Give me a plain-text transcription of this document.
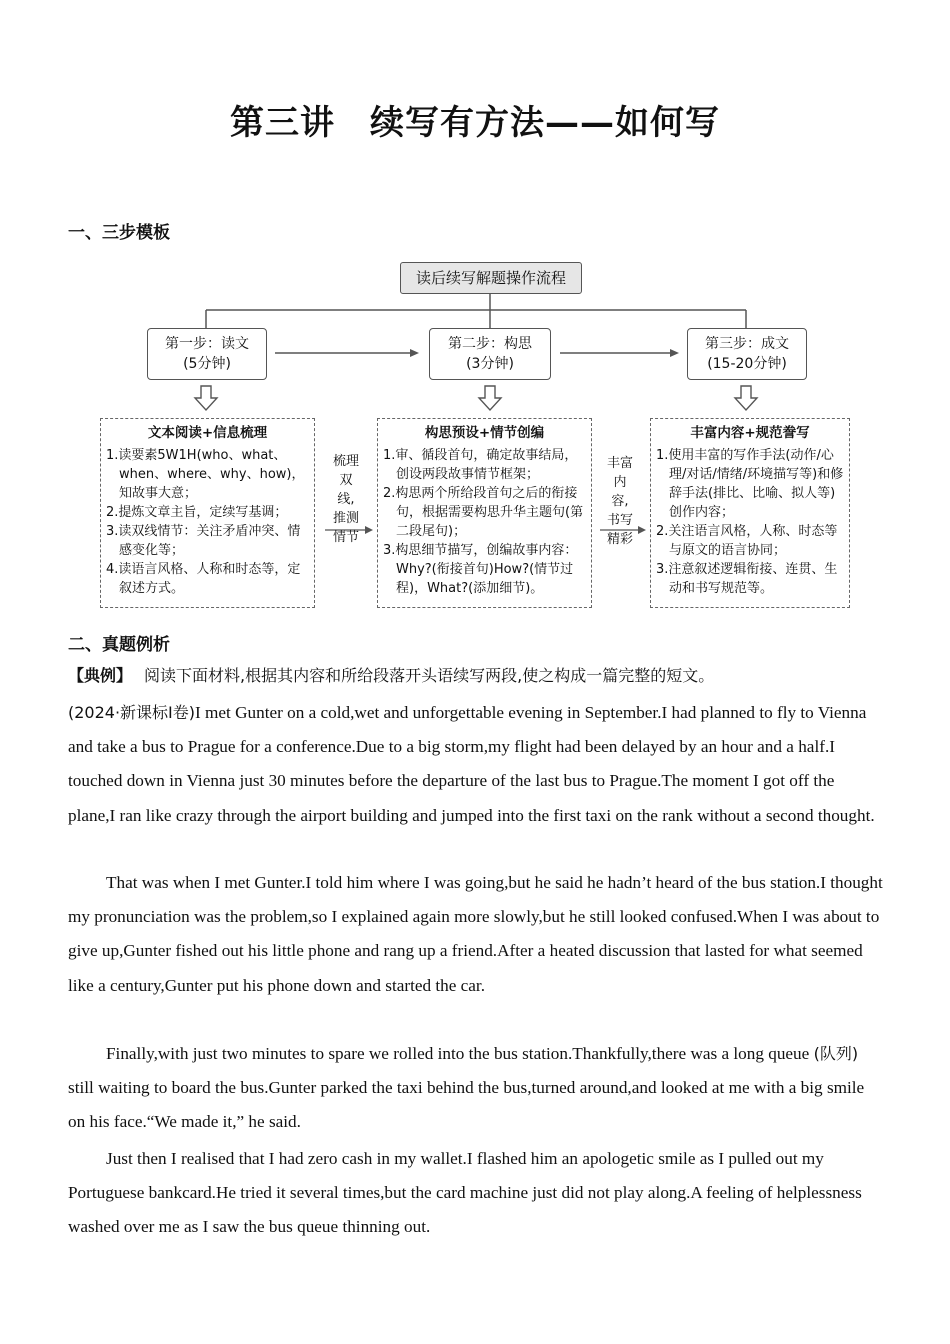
第三讲　续写有方法——如何写
一、三步模板
读后续写解题操作流程
第一步：读文
(5分钟)
第二步：构思
(3分钟)
第三步：成文
(15-20分钟)
文本阅读+信息梳理
1.读要素5W1H(who、what、when、where、why、how)，知故事大意；
2.提炼文章主旨，定续写基调；
3.读双线情节：关注矛盾冲突、情感变化等；
4.读语言风格、人称和时态等，定叙述方式。
构思预设+情节创编
1.审、循段首句，确定故事结局，创设两段故事情节框架；
2.构思两个所给段首句之后的衔接句，根据需要构思升华主题句(第二段尾句)；
3.构思细节描写，创编故事内容：Why?(衔接首句)How?(情节过程)，What?(添加细节)。
丰富内容+规范誊写
1.使用丰富的写作手法(动作/心理/对话/情绪/环境描写等)和修辞手法(排比、比喻、拟人等)创作内容；
2.关注语言风格，人称、时态等与原文的语言协同；
3.注意叙述逻辑衔接、连贯、生动和书写规范等。
梳理
双线,
推测
情节
丰富
内容,
书写
精彩
二、真题例析
【典例】 阅读下面材料,根据其内容和所给段落开头语续写两段,使之构成一篇完整的短文。
(2024·新课标Ⅰ卷)I met Gunter on a cold,wet and unforgettable evening in September.I had planned to fly to Vienna and take a bus to Prague for a conference.Due to a big storm,my flight had been delayed by an hour and a half.I touched down in Vienna just 30 minutes before the departure of the last bus to Prague.The moment I got off the plane,I ran like crazy through the airport building and jumped into the first taxi on the rank without a second thought.
That was when I met Gunter.I told him where I was going,but he said he hadn’t heard of the bus station.I thought my pronunciation was the problem,so I explained again more slowly,but he still looked confused.When I was about to give up,Gunter fished out his little phone and rang up a friend.After a heated discussion that lasted for what seemed like a century,Gunter put his phone down and started the car.
Finally,with just two minutes to spare we rolled into the bus station.Thankfully,there was a long queue (队列) still waiting to board the bus.Gunter parked the taxi behind the bus,turned around,and looked at me with a big smile on his face.“We made it,” he said.
Just then I realised that I had zero cash in my wallet.I flashed him an apologetic smile as I pulled out my Portuguese bankcard.He tried it several times,but the card machine just did not play along.A feeling of helplessness washed over me as I saw the bus queue thinning out.
